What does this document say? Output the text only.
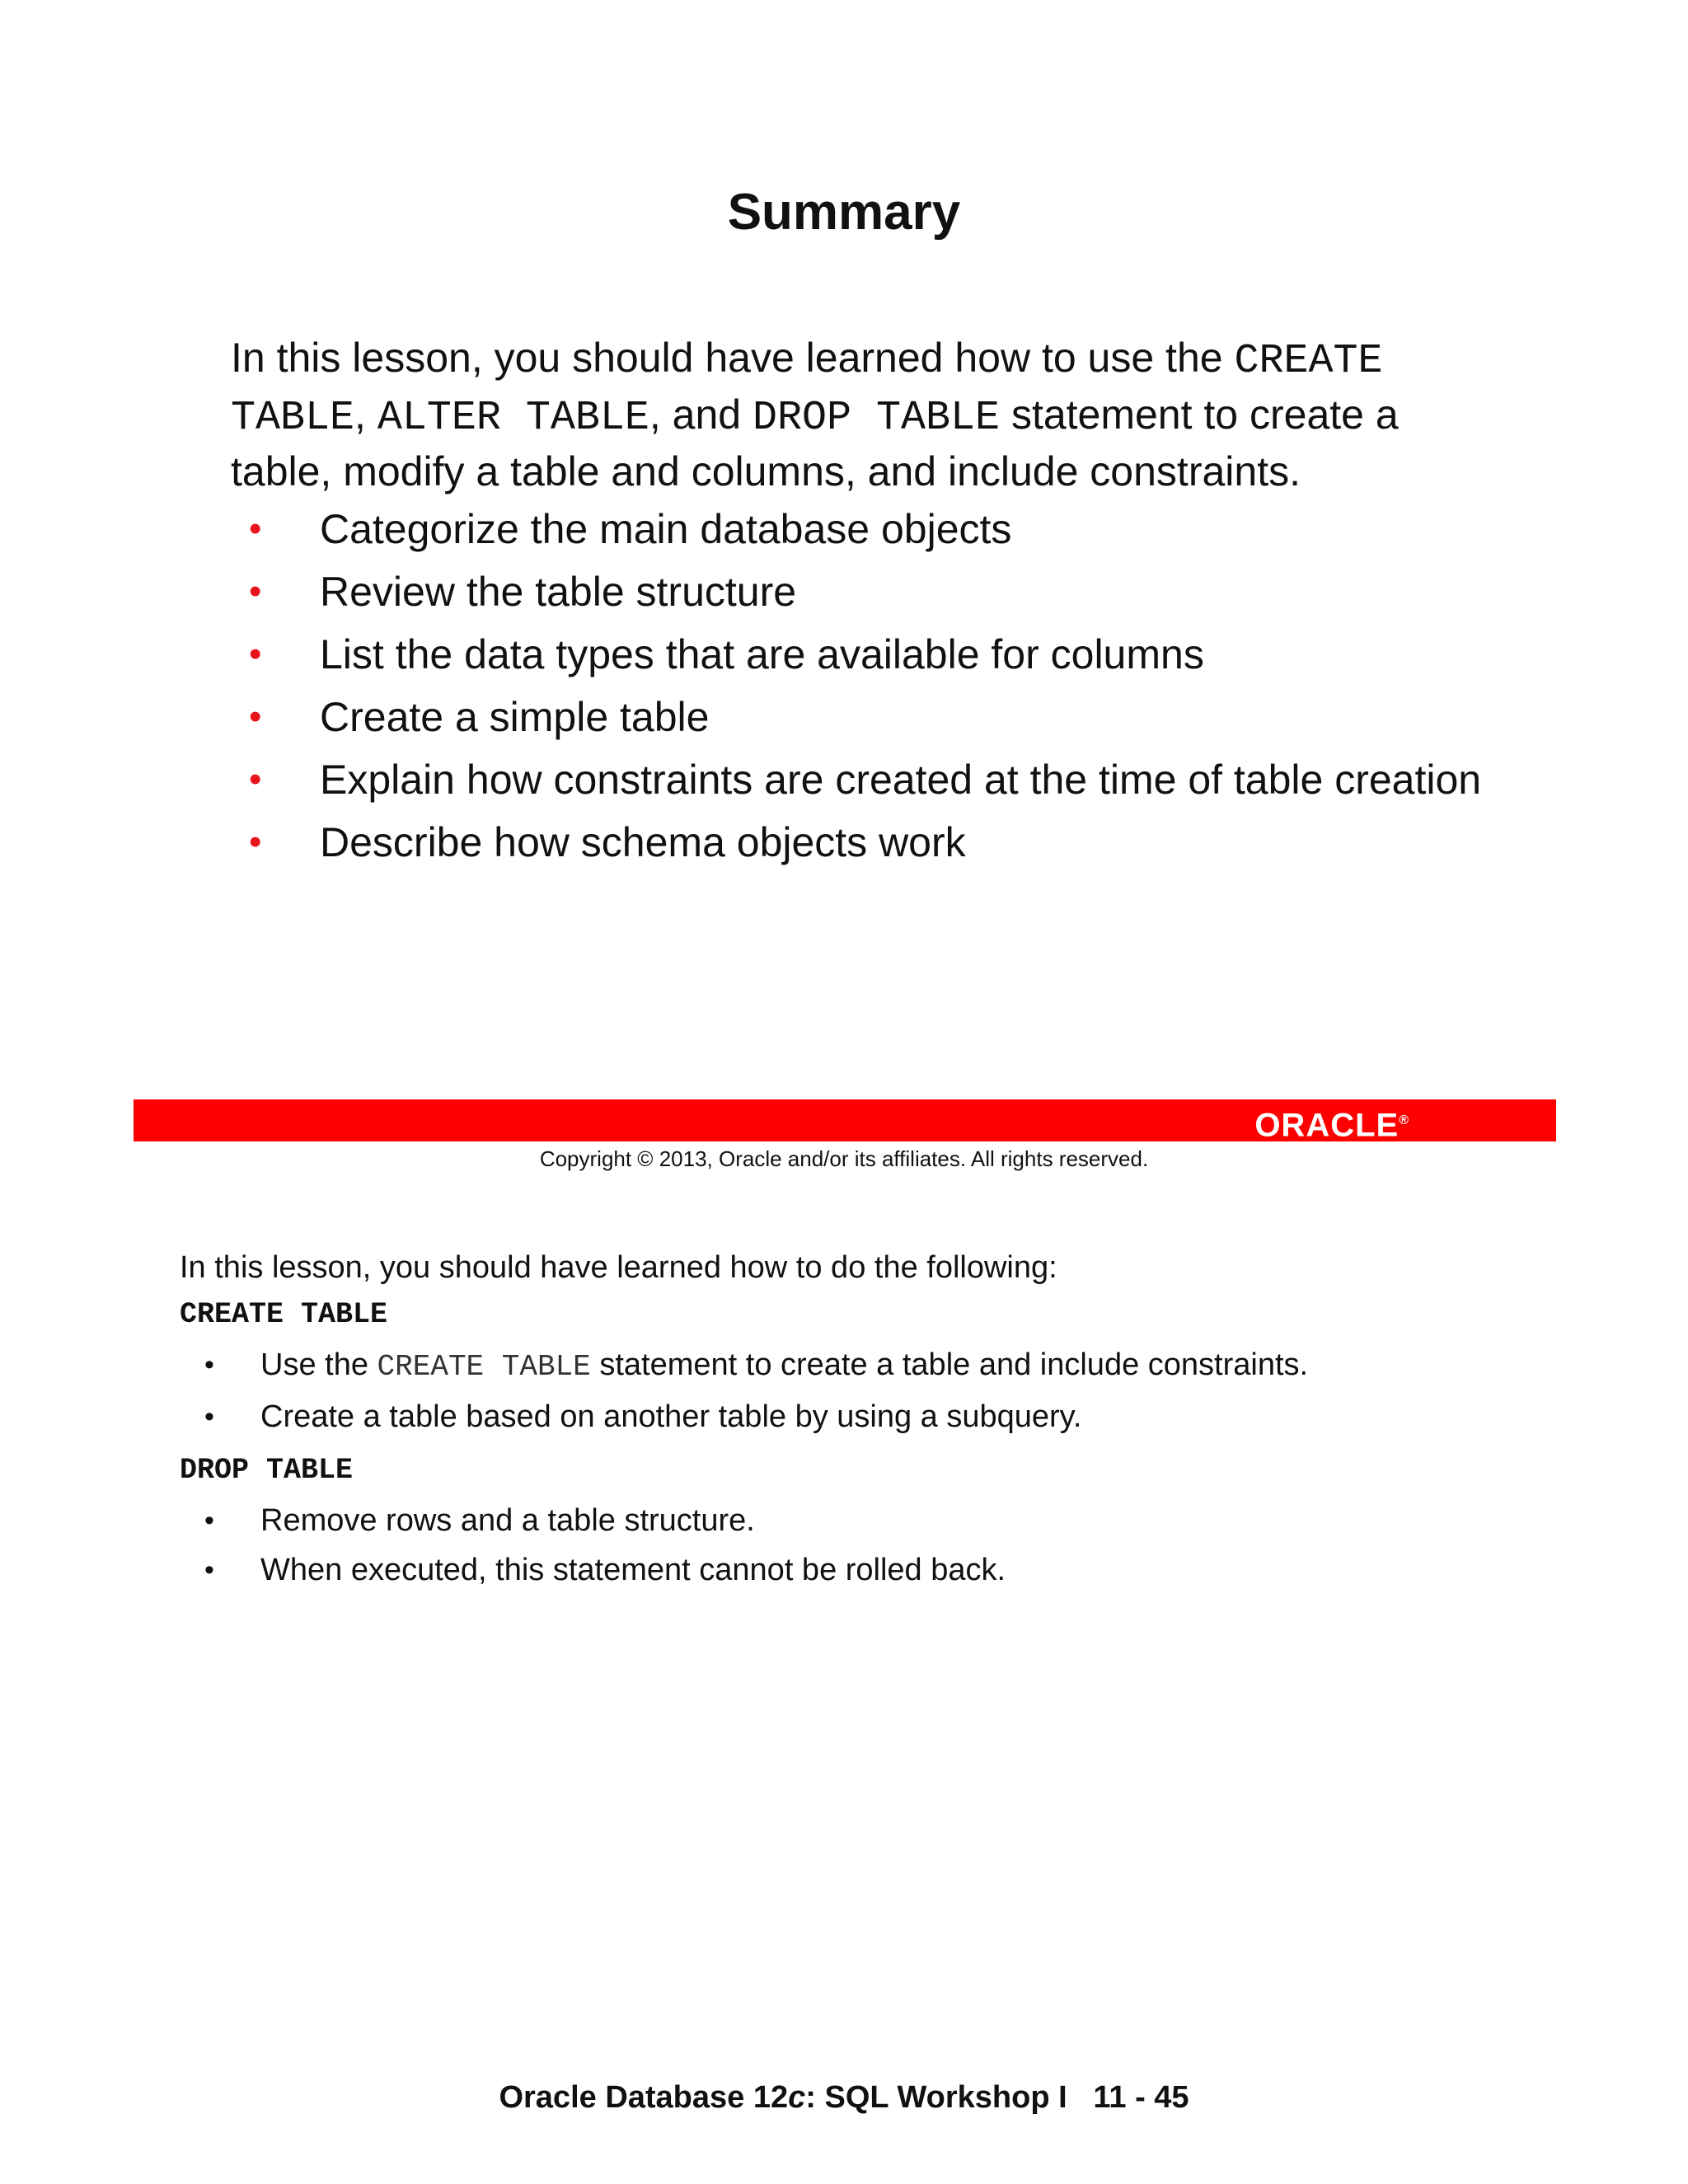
Summary

In this lesson, you should have learned how to use the CREATE TABLE, ALTER TABLE, and DROP TABLE statement to create a table, modify a table and columns, and include constraints.

• Categorize the main database objects
• Review the table structure
• List the data types that are available for columns
• Create a simple table
• Explain how constraints are created at the time of table creation
• Describe how schema objects work
ORACLE®

Copyright © 2013, Oracle and/or its affiliates. All rights reserved.

In this lesson, you should have learned how to do the following:

CREATE TABLE

• Use the CREATE TABLE statement to create a table and include constraints.
• Create a table based on another table by using a subquery.

DROP TABLE

• Remove rows and a table structure.
• When executed, this statement cannot be rolled back.

Oracle Database 12c: SQL Workshop I   11 - 45
